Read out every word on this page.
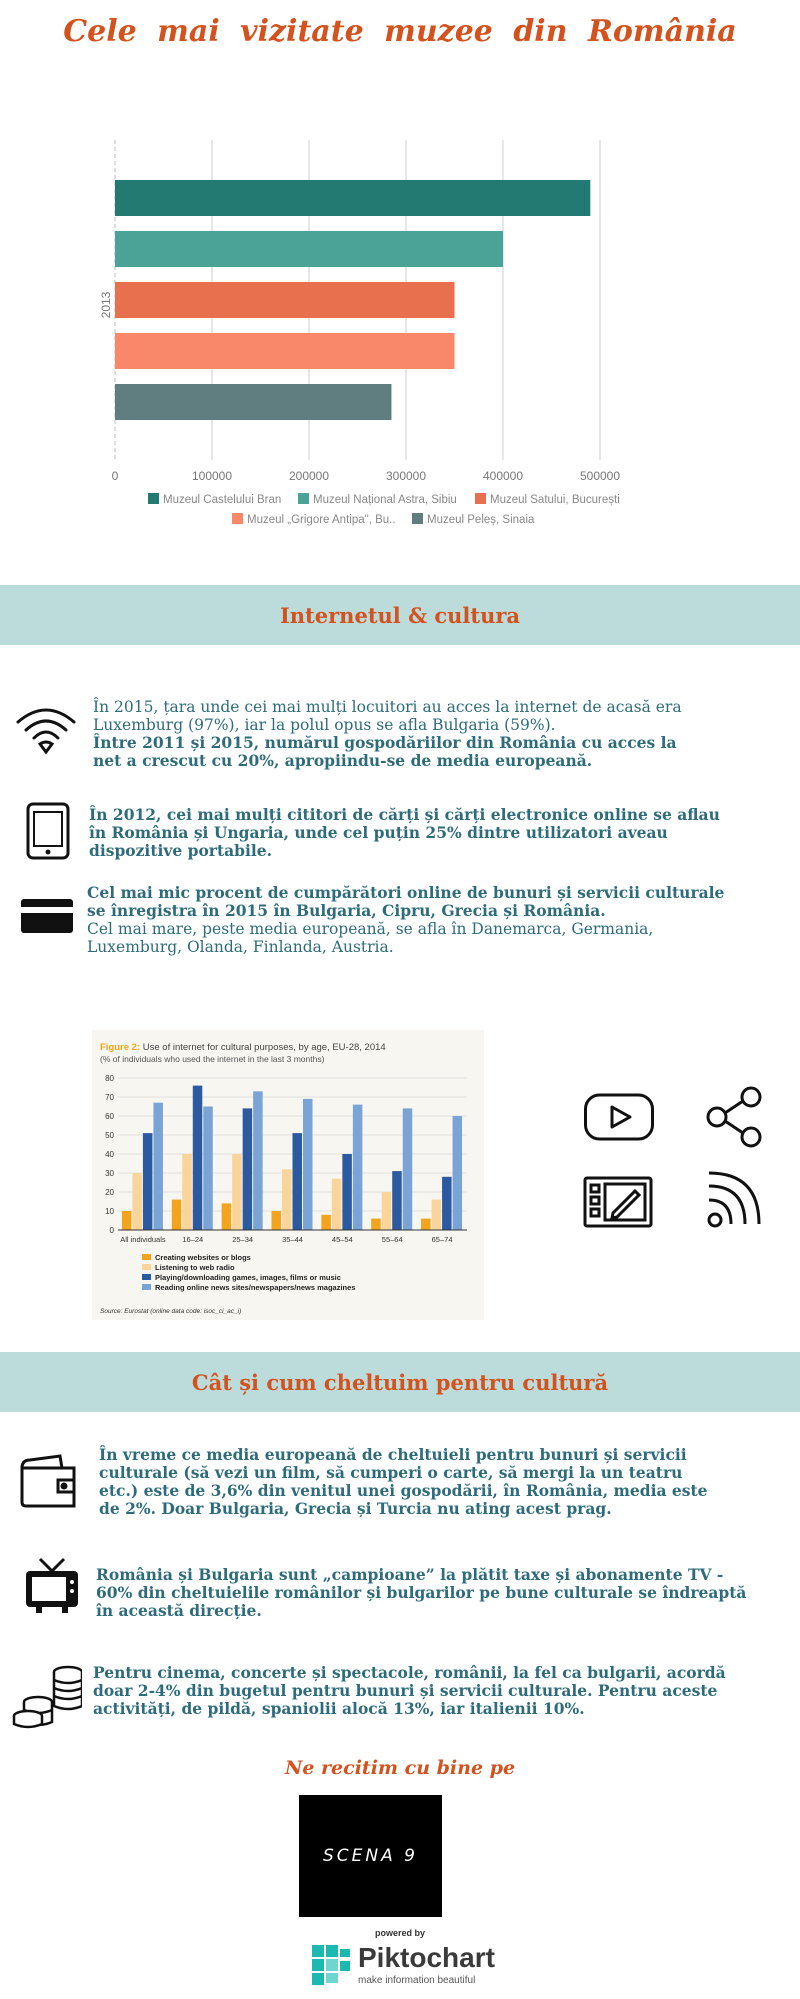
Cele mai vizitate muzee din România
0	100000	200000	300000	400000	500000
2013
Muzeul Castelului Bran	Muzeul Național Astra, Sibiu	Muzeul Satului, București
Muzeul „Grigore Antipa", Bu..	Muzeul Peleș, Sinaia
Internetul & cultura
În 2015, țara unde cei mai mulți locuitori au acces la internet de acasă era Luxemburg (97%), iar la polul opus se afla Bulgaria (59%).
Între 2011 și 2015, numărul gospodăriilor din România cu acces la net a crescut cu 20%, apropiindu-se de media europeană.
În 2012, cei mai mulți cititori de cărți și cărți electronice online se aflau în România și Ungaria, unde cel puțin 25% dintre utilizatori aveau dispozitive portabile.
Cel mai mic procent de cumpărători online de bunuri și servicii culturale se înregistra în 2015 în Bulgaria, Cipru, Grecia și România.
Cel mai mare, peste media europeană, se afla în Danemarca, Germania, Luxemburg, Olanda, Finlanda, Austria.
Figure 2: Use of internet for cultural purposes, by age, EU-28, 2014
(% of individuals who used the internet in the last 3 months)
0
10
20
30
40
50
60
70
80
All individuals 16–24	25–34	35–44	45–54	55–64	65–74
Creating websites or blogs
Listening to web radio
Playing/downloading games, images, films or music
Reading online news sites/newspapers/news magazines
Source: Eurostat (online data code: isoc_ci_ac_i)
Cât și cum cheltuim pentru cultură
În vreme ce media europeană de cheltuieli pentru bunuri și servicii culturale (să vezi un film, să cumperi o carte, să mergi la un teatru etc.) este de 3,6% din venitul unei gospodării, în România, media este de 2%. Doar Bulgaria, Grecia și Turcia nu ating acest prag.
România și Bulgaria sunt „campioane” la plătit taxe și abonamente TV - 60% din cheltuielile românilor și bulgarilor pe bune culturale se îndreaptă în această direcție.
Pentru cinema, concerte și spectacole, românii, la fel ca bulgarii, acordă doar 2-4% din bugetul pentru bunuri și servicii culturale. Pentru aceste activități, de pildă, spaniolii alocă 13%, iar italienii 10%.
Ne recitim cu bine pe
SCENA 9
powered by
Piktochart
make information beautiful
